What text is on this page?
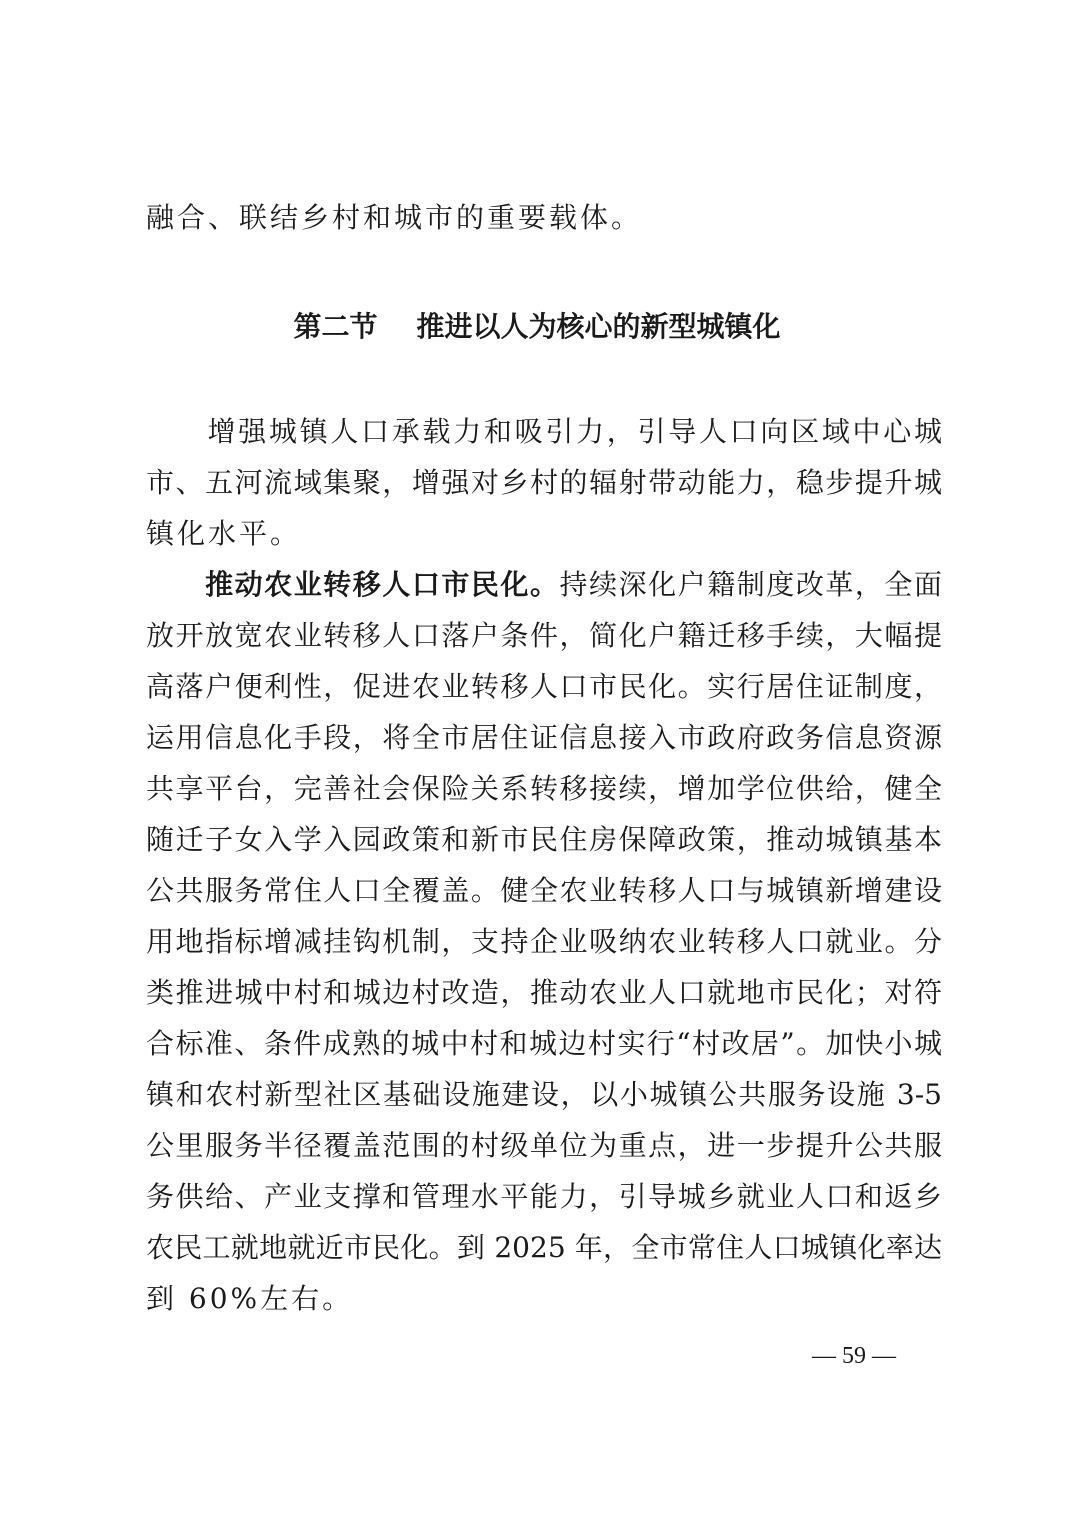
融合、联结乡村和城市的重要载体。
第二节    推进以人为核心的新型城镇化
　　增强城镇人口承载力和吸引力，引导人口向区域中心城
市、五河流域集聚，增强对乡村的辐射带动能力，稳步提升城
镇化水平。
　　推动农业转移人口市民化。持续深化户籍制度改革，全面
放开放宽农业转移人口落户条件，简化户籍迁移手续，大幅提
高落户便利性，促进农业转移人口市民化。实行居住证制度，
运用信息化手段，将全市居住证信息接入市政府政务信息资源
共享平台，完善社会保险关系转移接续，增加学位供给，健全
随迁子女入学入园政策和新市民住房保障政策，推动城镇基本
公共服务常住人口全覆盖。健全农业转移人口与城镇新增建设
用地指标增减挂钩机制，支持企业吸纳农业转移人口就业。分
类推进城中村和城边村改造，推动农业人口就地市民化；对符
合标准、条件成熟的城中村和城边村实行“村改居”。加快小城
镇和农村新型社区基础设施建设，以小城镇公共服务设施 3-5
公里服务半径覆盖范围的村级单位为重点，进一步提升公共服
务供给、产业支撑和管理水平能力，引导城乡就业人口和返乡
农民工就地就近市民化。到 2025 年，全市常住人口城镇化率达
到 60%左右。
— 59 —
